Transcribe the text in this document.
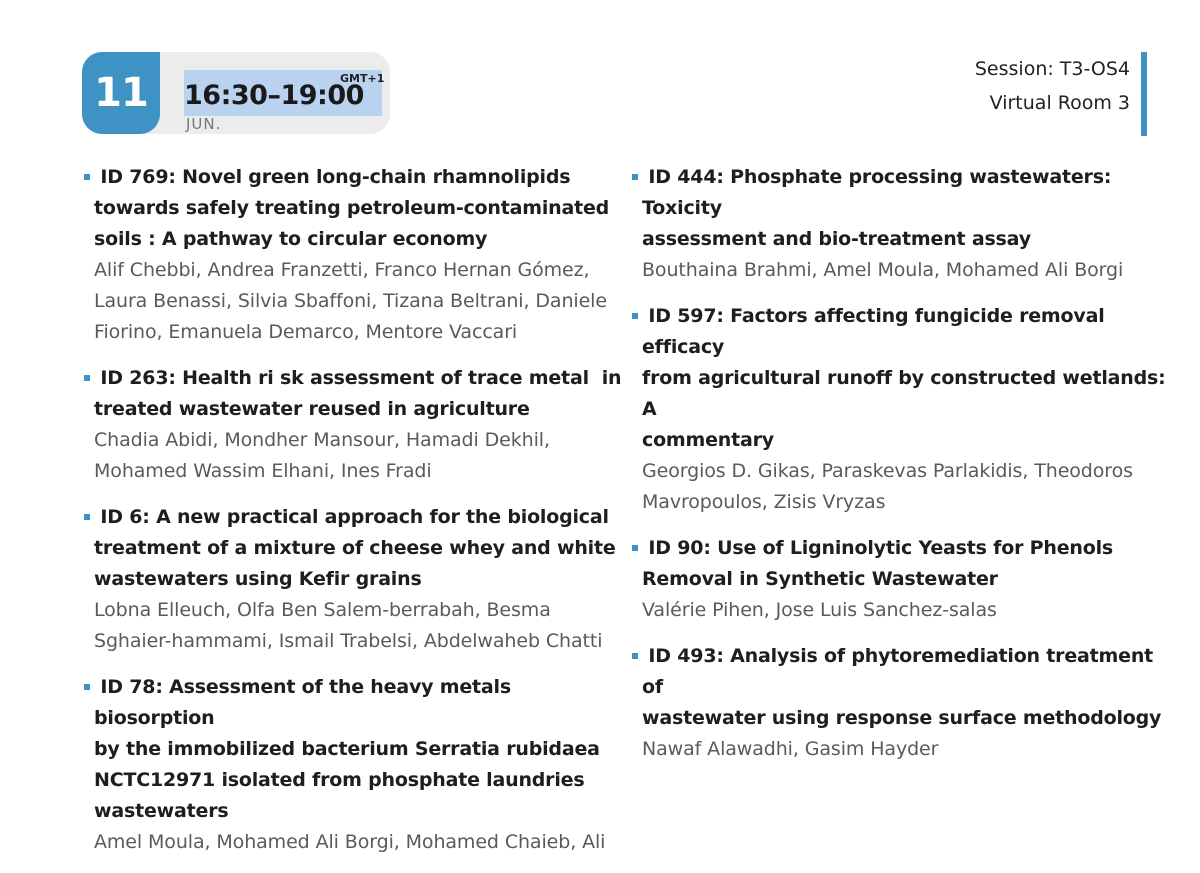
11	GMT+1
16:30–19:00
JUN.
Session: T3-OS4
Virtual Room 3
ID 769: Novel green long-chain rhamnolipids
towards safely treating petroleum-contaminated
soils : A pathway to circular economy
Alif Chebbi, Andrea Franzetti, Franco Hernan Gómez, Laura Benassi, Silvia Sbaffoni, Tizana Beltrani, Daniele Fiorino, Emanuela Demarco, Mentore Vaccari
ID 263: Health ri sk assessment of trace metal  in
treated wastewater reused in agriculture
Chadia Abidi, Mondher Mansour, Hamadi Dekhil, Mohamed Wassim Elhani, Ines Fradi
ID 6: A new practical approach for the biological
treatment of a mixture of cheese whey and white
wastewaters using Kefir grains
Lobna Elleuch, Olfa Ben Salem-berrabah, Besma Sghaier-hammami, Ismail Trabelsi, Abdelwaheb Chatti
ID 78: Assessment of the heavy metals biosorption
by the immobilized bacterium Serratia rubidaea
NCTC12971 isolated from phosphate laundries
wastewaters
Amel Moula, Mohamed Ali Borgi, Mohamed Chaieb, Ali
ID 444: Phosphate processing wastewaters: Toxicity
assessment and bio-treatment assay
Bouthaina Brahmi, Amel Moula, Mohamed Ali Borgi
ID 597: Factors affecting fungicide removal efficacy
from agricultural runoff by constructed wetlands: A
commentary
Georgios D. Gikas, Paraskevas Parlakidis, Theodoros Mavropoulos, Zisis Vryzas
ID 90: Use of Ligninolytic Yeasts for Phenols
Removal in Synthetic Wastewater
Valérie Pihen, Jose Luis Sanchez-salas
ID 493: Analysis of phytoremediation treatment of
wastewater using response surface methodology
Nawaf Alawadhi, Gasim Hayder
